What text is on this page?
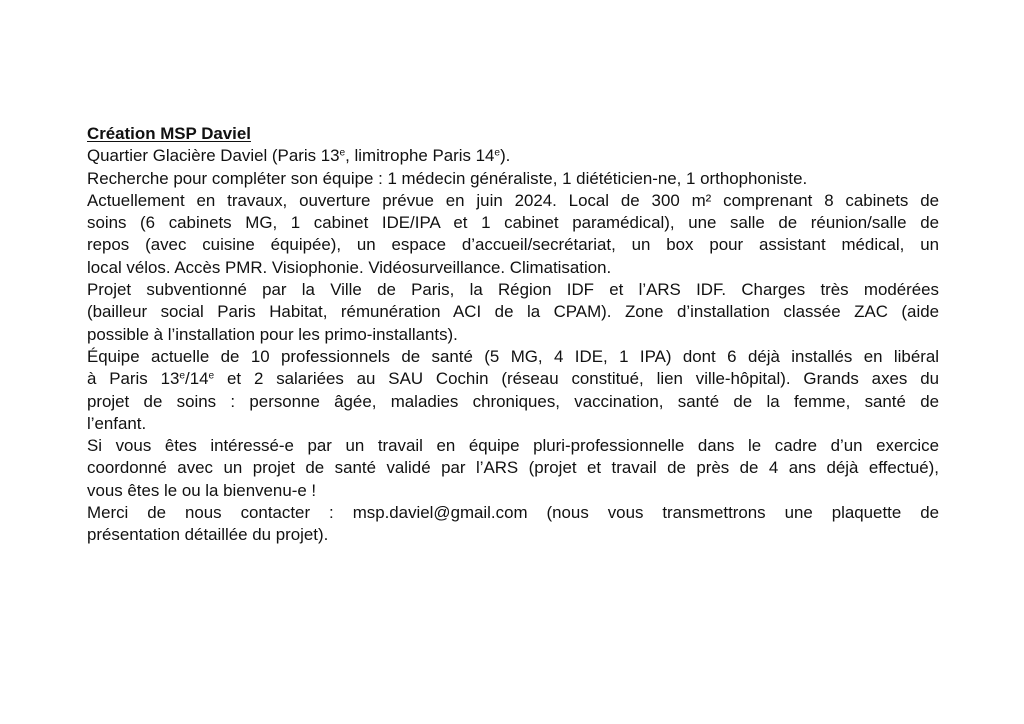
Création MSP Daviel
Quartier Glacière Daviel (Paris 13e, limitrophe Paris 14e).
Recherche pour compléter son équipe : 1 médecin généraliste, 1 diététicien-ne, 1 orthophoniste.
Actuellement en travaux, ouverture prévue en juin 2024. Local de 300 m² comprenant 8 cabinets de
soins (6 cabinets MG, 1 cabinet IDE/IPA et 1 cabinet paramédical), une salle de réunion/salle de
repos (avec cuisine équipée), un espace d’accueil/secrétariat, un box pour assistant médical, un
local vélos. Accès PMR. Visiophonie. Vidéosurveillance. Climatisation.
Projet subventionné par la Ville de Paris, la Région IDF et l’ARS IDF. Charges très modérées
(bailleur social Paris Habitat, rémunération ACI de la CPAM). Zone d’installation classée ZAC (aide
possible à l’installation pour les primo-installants).
Équipe actuelle de 10 professionnels de santé (5 MG, 4 IDE, 1 IPA) dont 6 déjà installés en libéral
à Paris 13e/14e et 2 salariées au SAU Cochin (réseau constitué, lien ville-hôpital). Grands axes du
projet de soins : personne âgée, maladies chroniques, vaccination, santé de la femme, santé de
l’enfant.
Si vous êtes intéressé-e par un travail en équipe pluri-professionnelle dans le cadre d’un exercice
coordonné avec un projet de santé validé par l’ARS (projet et travail de près de 4 ans déjà effectué),
vous êtes le ou la bienvenu-e !
Merci de nous contacter : msp.daviel@gmail.com (nous vous transmettrons une plaquette de
présentation détaillée du projet).
